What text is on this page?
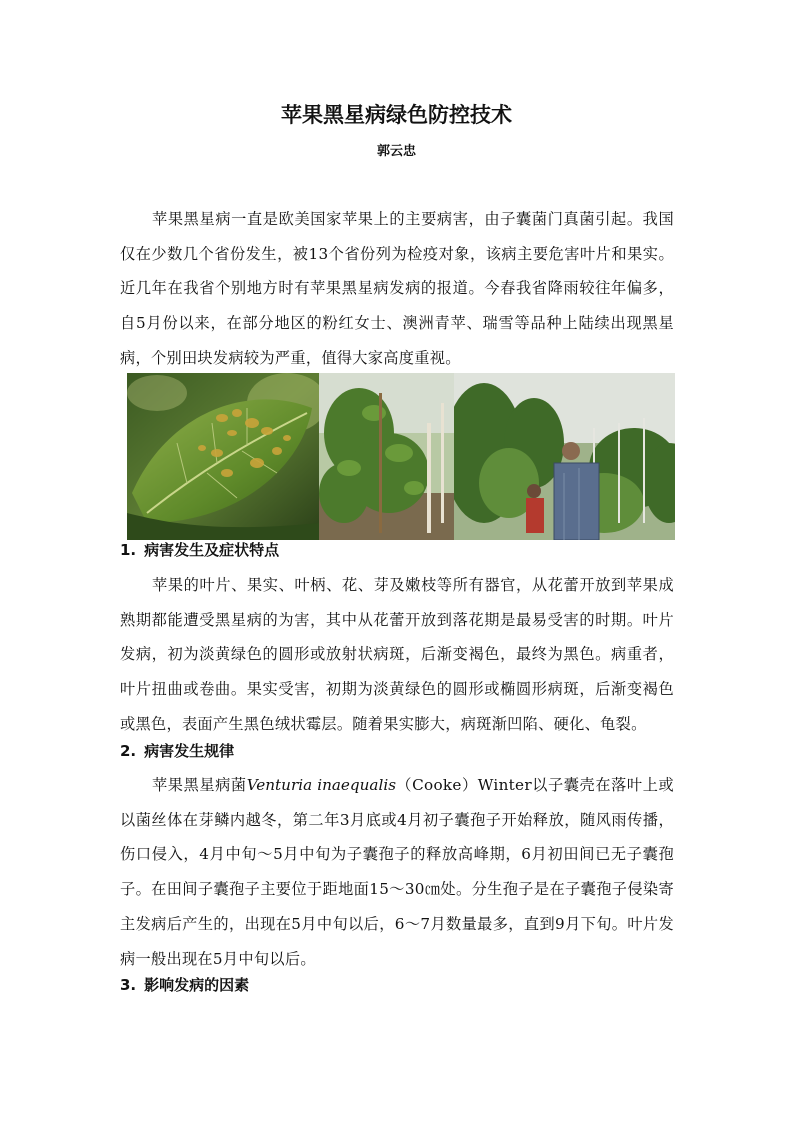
苹果黑星病绿色防控技术

郭云忠

苹果黑星病一直是欧美国家苹果上的主要病害，由子囊菌门真菌引起。我国仅在少数几个省份发生，被13个省份列为检疫对象，该病主要危害叶片和果实。近几年在我省个别地方时有苹果黑星病发病的报道。今春我省降雨较往年偏多，自5月份以来，在部分地区的粉红女士、澳洲青苹、瑞雪等品种上陆续出现黑星病，个别田块发病较为严重，值得大家高度重视。

1. 病害发生及症状特点

苹果的叶片、果实、叶柄、花、芽及嫩枝等所有器官，从花蕾开放到苹果成熟期都能遭受黑星病的为害，其中从花蕾开放到落花期是最易受害的时期。叶片发病，初为淡黄绿色的圆形或放射状病斑，后渐变褐色，最终为黑色。病重者，叶片扭曲或卷曲。果实受害，初期为淡黄绿色的圆形或椭圆形病斑，后渐变褐色或黑色，表面产生黑色绒状霉层。随着果实膨大，病斑渐凹陷、硬化、龟裂。

2. 病害发生规律

苹果黑星病菌Venturia inaequalis（Cooke）Winter以子囊壳在落叶上或以菌丝体在芽鳞内越冬，第二年3月底或4月初子囊孢子开始释放，随风雨传播，伤口侵入，4月中旬～5月中旬为子囊孢子的释放高峰期，6月初田间已无子囊孢子。在田间子囊孢子主要位于距地面15～30㎝处。分生孢子是在子囊孢子侵染寄主发病后产生的，出现在5月中旬以后，6～7月数量最多，直到9月下旬。叶片发病一般出现在5月中旬以后。

3. 影响发病的因素
